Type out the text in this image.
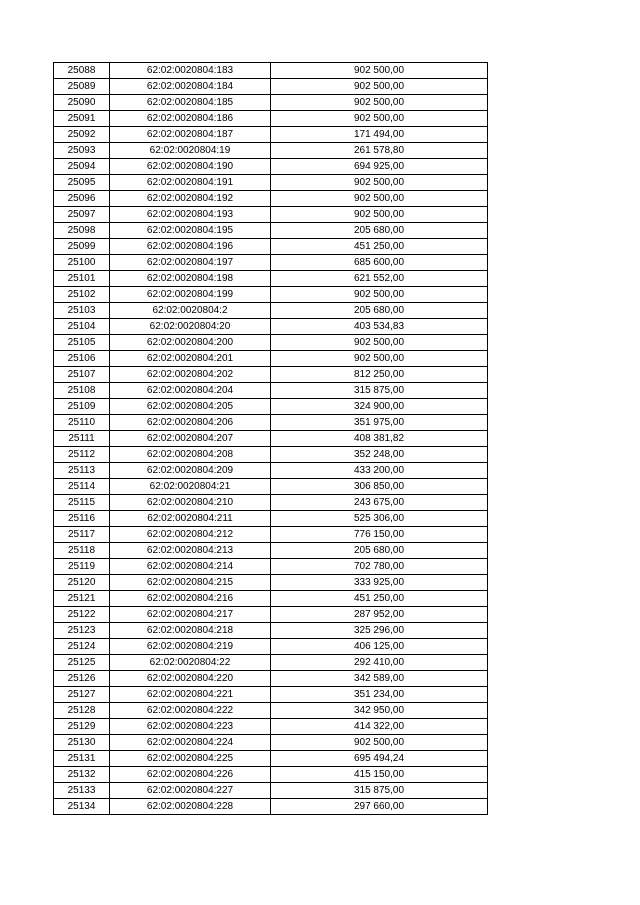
25088	62:02:0020804:183	902 500,00
25089	62:02:0020804:184	902 500,00
25090	62:02:0020804:185	902 500,00
25091	62:02:0020804:186	902 500,00
25092	62:02:0020804:187	171 494,00
25093	62:02:0020804:19	261 578,80
25094	62:02:0020804:190	694 925,00
25095	62:02:0020804:191	902 500,00
25096	62:02:0020804:192	902 500,00
25097	62:02:0020804:193	902 500,00
25098	62:02:0020804:195	205 680,00
25099	62:02:0020804:196	451 250,00
25100	62:02:0020804:197	685 600,00
25101	62:02:0020804:198	621 552,00
25102	62:02:0020804:199	902 500,00
25103	62:02:0020804:2	205 680,00
25104	62:02:0020804:20	403 534,83
25105	62:02:0020804:200	902 500,00
25106	62:02:0020804:201	902 500,00
25107	62:02:0020804:202	812 250,00
25108	62:02:0020804:204	315 875,00
25109	62:02:0020804:205	324 900,00
25110	62:02:0020804:206	351 975,00
25111	62:02:0020804:207	408 381,82
25112	62:02:0020804:208	352 248,00
25113	62:02:0020804:209	433 200,00
25114	62:02:0020804:21	306 850,00
25115	62:02:0020804:210	243 675,00
25116	62:02:0020804:211	525 306,00
25117	62:02:0020804:212	776 150,00
25118	62:02:0020804:213	205 680,00
25119	62:02:0020804:214	702 780,00
25120	62:02:0020804:215	333 925,00
25121	62:02:0020804:216	451 250,00
25122	62:02:0020804:217	287 952,00
25123	62:02:0020804:218	325 296,00
25124	62:02:0020804:219	406 125,00
25125	62:02:0020804:22	292 410,00
25126	62:02:0020804:220	342 589,00
25127	62:02:0020804:221	351 234,00
25128	62:02:0020804:222	342 950,00
25129	62:02:0020804:223	414 322,00
25130	62:02:0020804:224	902 500,00
25131	62:02:0020804:225	695 494,24
25132	62:02:0020804:226	415 150,00
25133	62:02:0020804:227	315 875,00
25134	62:02:0020804:228	297 660,00
